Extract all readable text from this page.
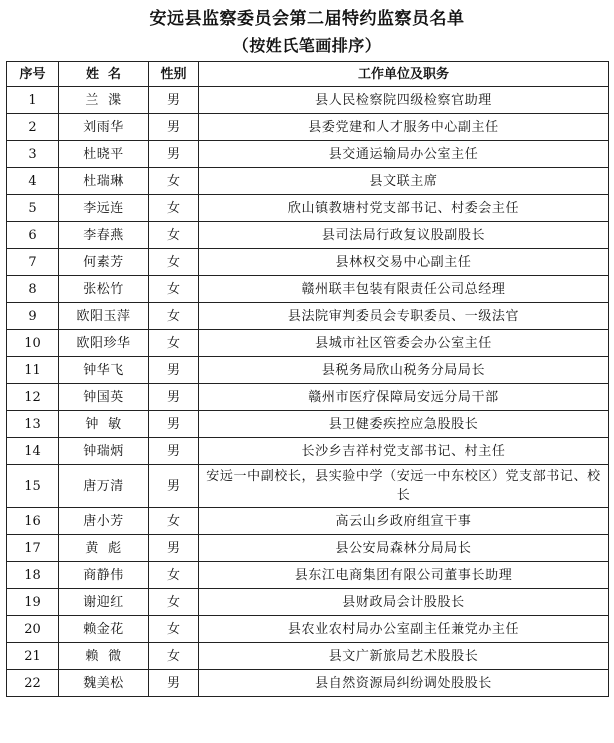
安远县监察委员会第二届特约监察员名单
（按姓氏笔画排序）
序号	姓  名	性别	工作单位及职务
1	兰  渫	男	县人民检察院四级检察官助理
2	刘雨华	男	县委党建和人才服务中心副主任
3	杜晓平	男	县交通运输局办公室主任
4	杜瑞琳	女	县文联主席
5	李远连	女	欣山镇教塘村党支部书记、村委会主任
6	李春燕	女	县司法局行政复议股副股长
7	何素芳	女	县林权交易中心副主任
8	张松竹	女	赣州联丰包装有限责任公司总经理
9	欧阳玉萍	女	县法院审判委员会专职委员、一级法官
10	欧阳珍华	女	县城市社区管委会办公室主任
11	钟华飞	男	县税务局欣山税务分局局长
12	钟国英	男	赣州市医疗保障局安远分局干部
13	钟  敏	男	县卫健委疾控应急股股长
14	钟瑞炳	男	长沙乡吉祥村党支部书记、村主任
15	唐万清	男	安远一中副校长，县实验中学（安远一中东校区）党支部书记、校长
16	唐小芳	女	高云山乡政府组宣干事
17	黄  彪	男	县公安局森林分局局长
18	商静伟	女	县东江电商集团有限公司董事长助理
19	谢迎红	女	县财政局会计股股长
20	赖金花	女	县农业农村局办公室副主任兼党办主任
21	赖  微	女	县文广新旅局艺术股股长
22	魏美松	男	县自然资源局纠纷调处股股长
